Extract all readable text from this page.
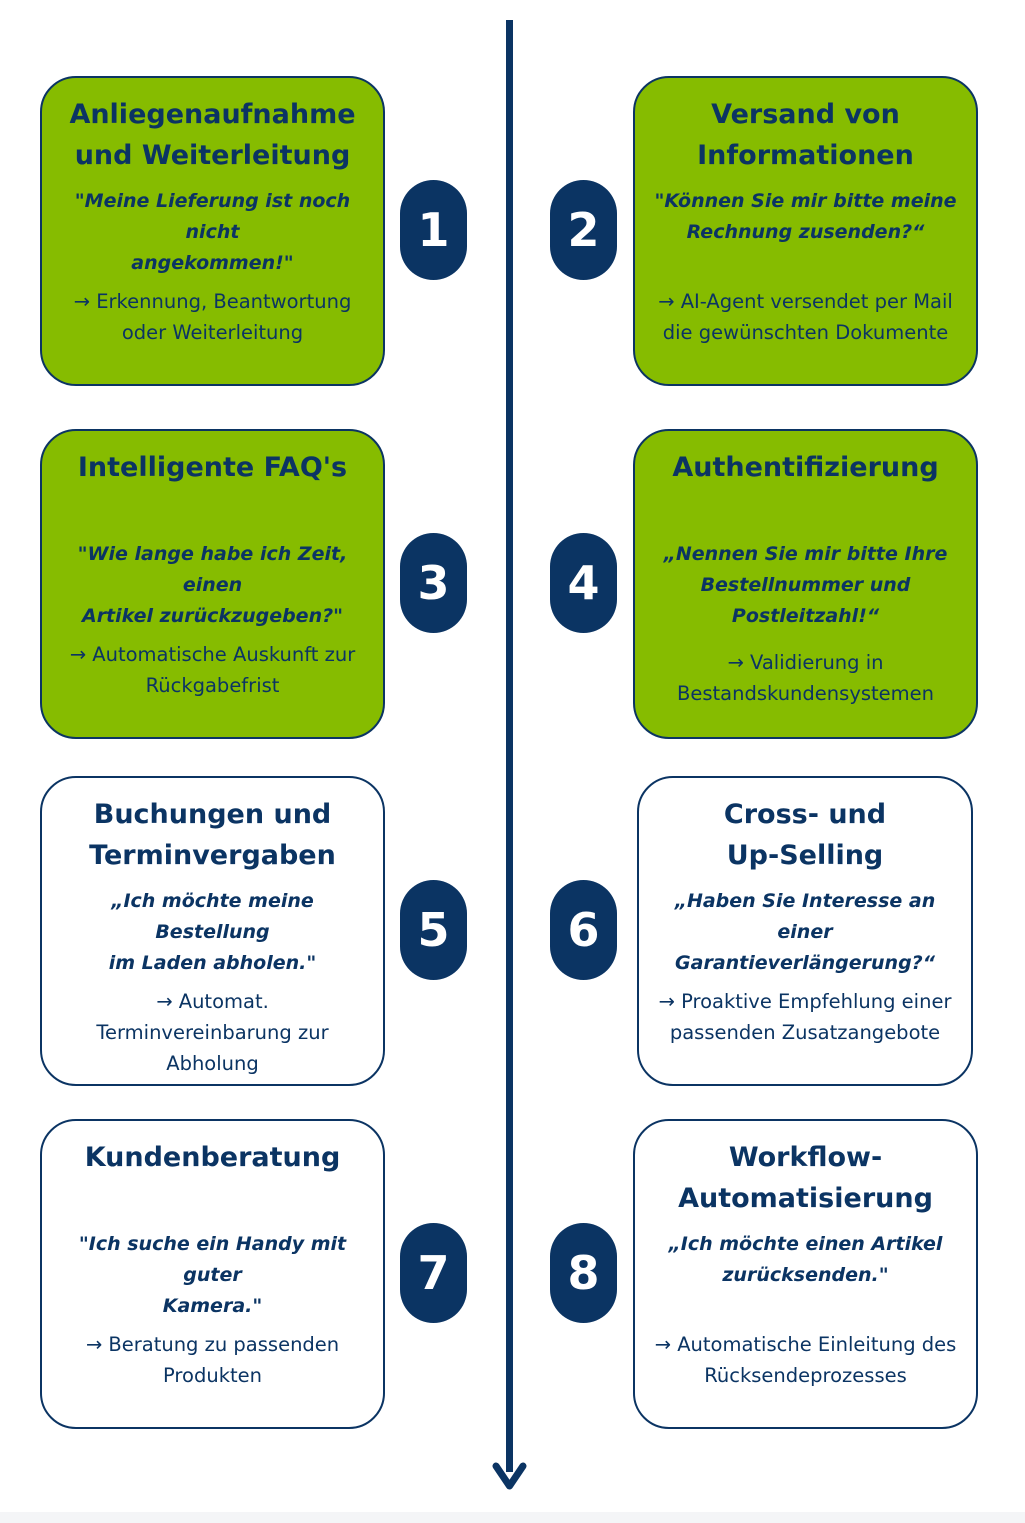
Anliegenaufnahme
und Weiterleitung
"Meine Lieferung ist noch nicht
angekommen!"
→ Erkennung, Beantwortung
oder Weiterleitung
1
Versand von
Informationen
"Können Sie mir bitte meine
Rechnung zusenden?“
→ AI-Agent versendet per Mail
die gewünschten Dokumente
2
Intelligente FAQ's
"Wie lange habe ich Zeit, einen
Artikel zurückzugeben?"
→ Automatische Auskunft zur
Rückgabefrist
3
Authentifizierung
„Nennen Sie mir bitte Ihre
Bestellnummer und
Postleitzahl!“
→ Validierung in
Bestandskundensystemen
4
Buchungen und
Terminvergaben
„Ich möchte meine Bestellung
im Laden abholen."
→ Automat.
Terminvereinbarung zur
Abholung
5
Cross- und
Up-Selling
„Haben Sie Interesse an einer
Garantieverlängerung?“
→ Proaktive Empfehlung einer
passenden Zusatzangebote
6
Kundenberatung
"Ich suche ein Handy mit guter
Kamera."
→ Beratung zu passenden
Produkten
7
Workflow-
Automatisierung
„Ich möchte einen Artikel
zurücksenden."
→ Automatische Einleitung des
Rücksendeprozesses
8
